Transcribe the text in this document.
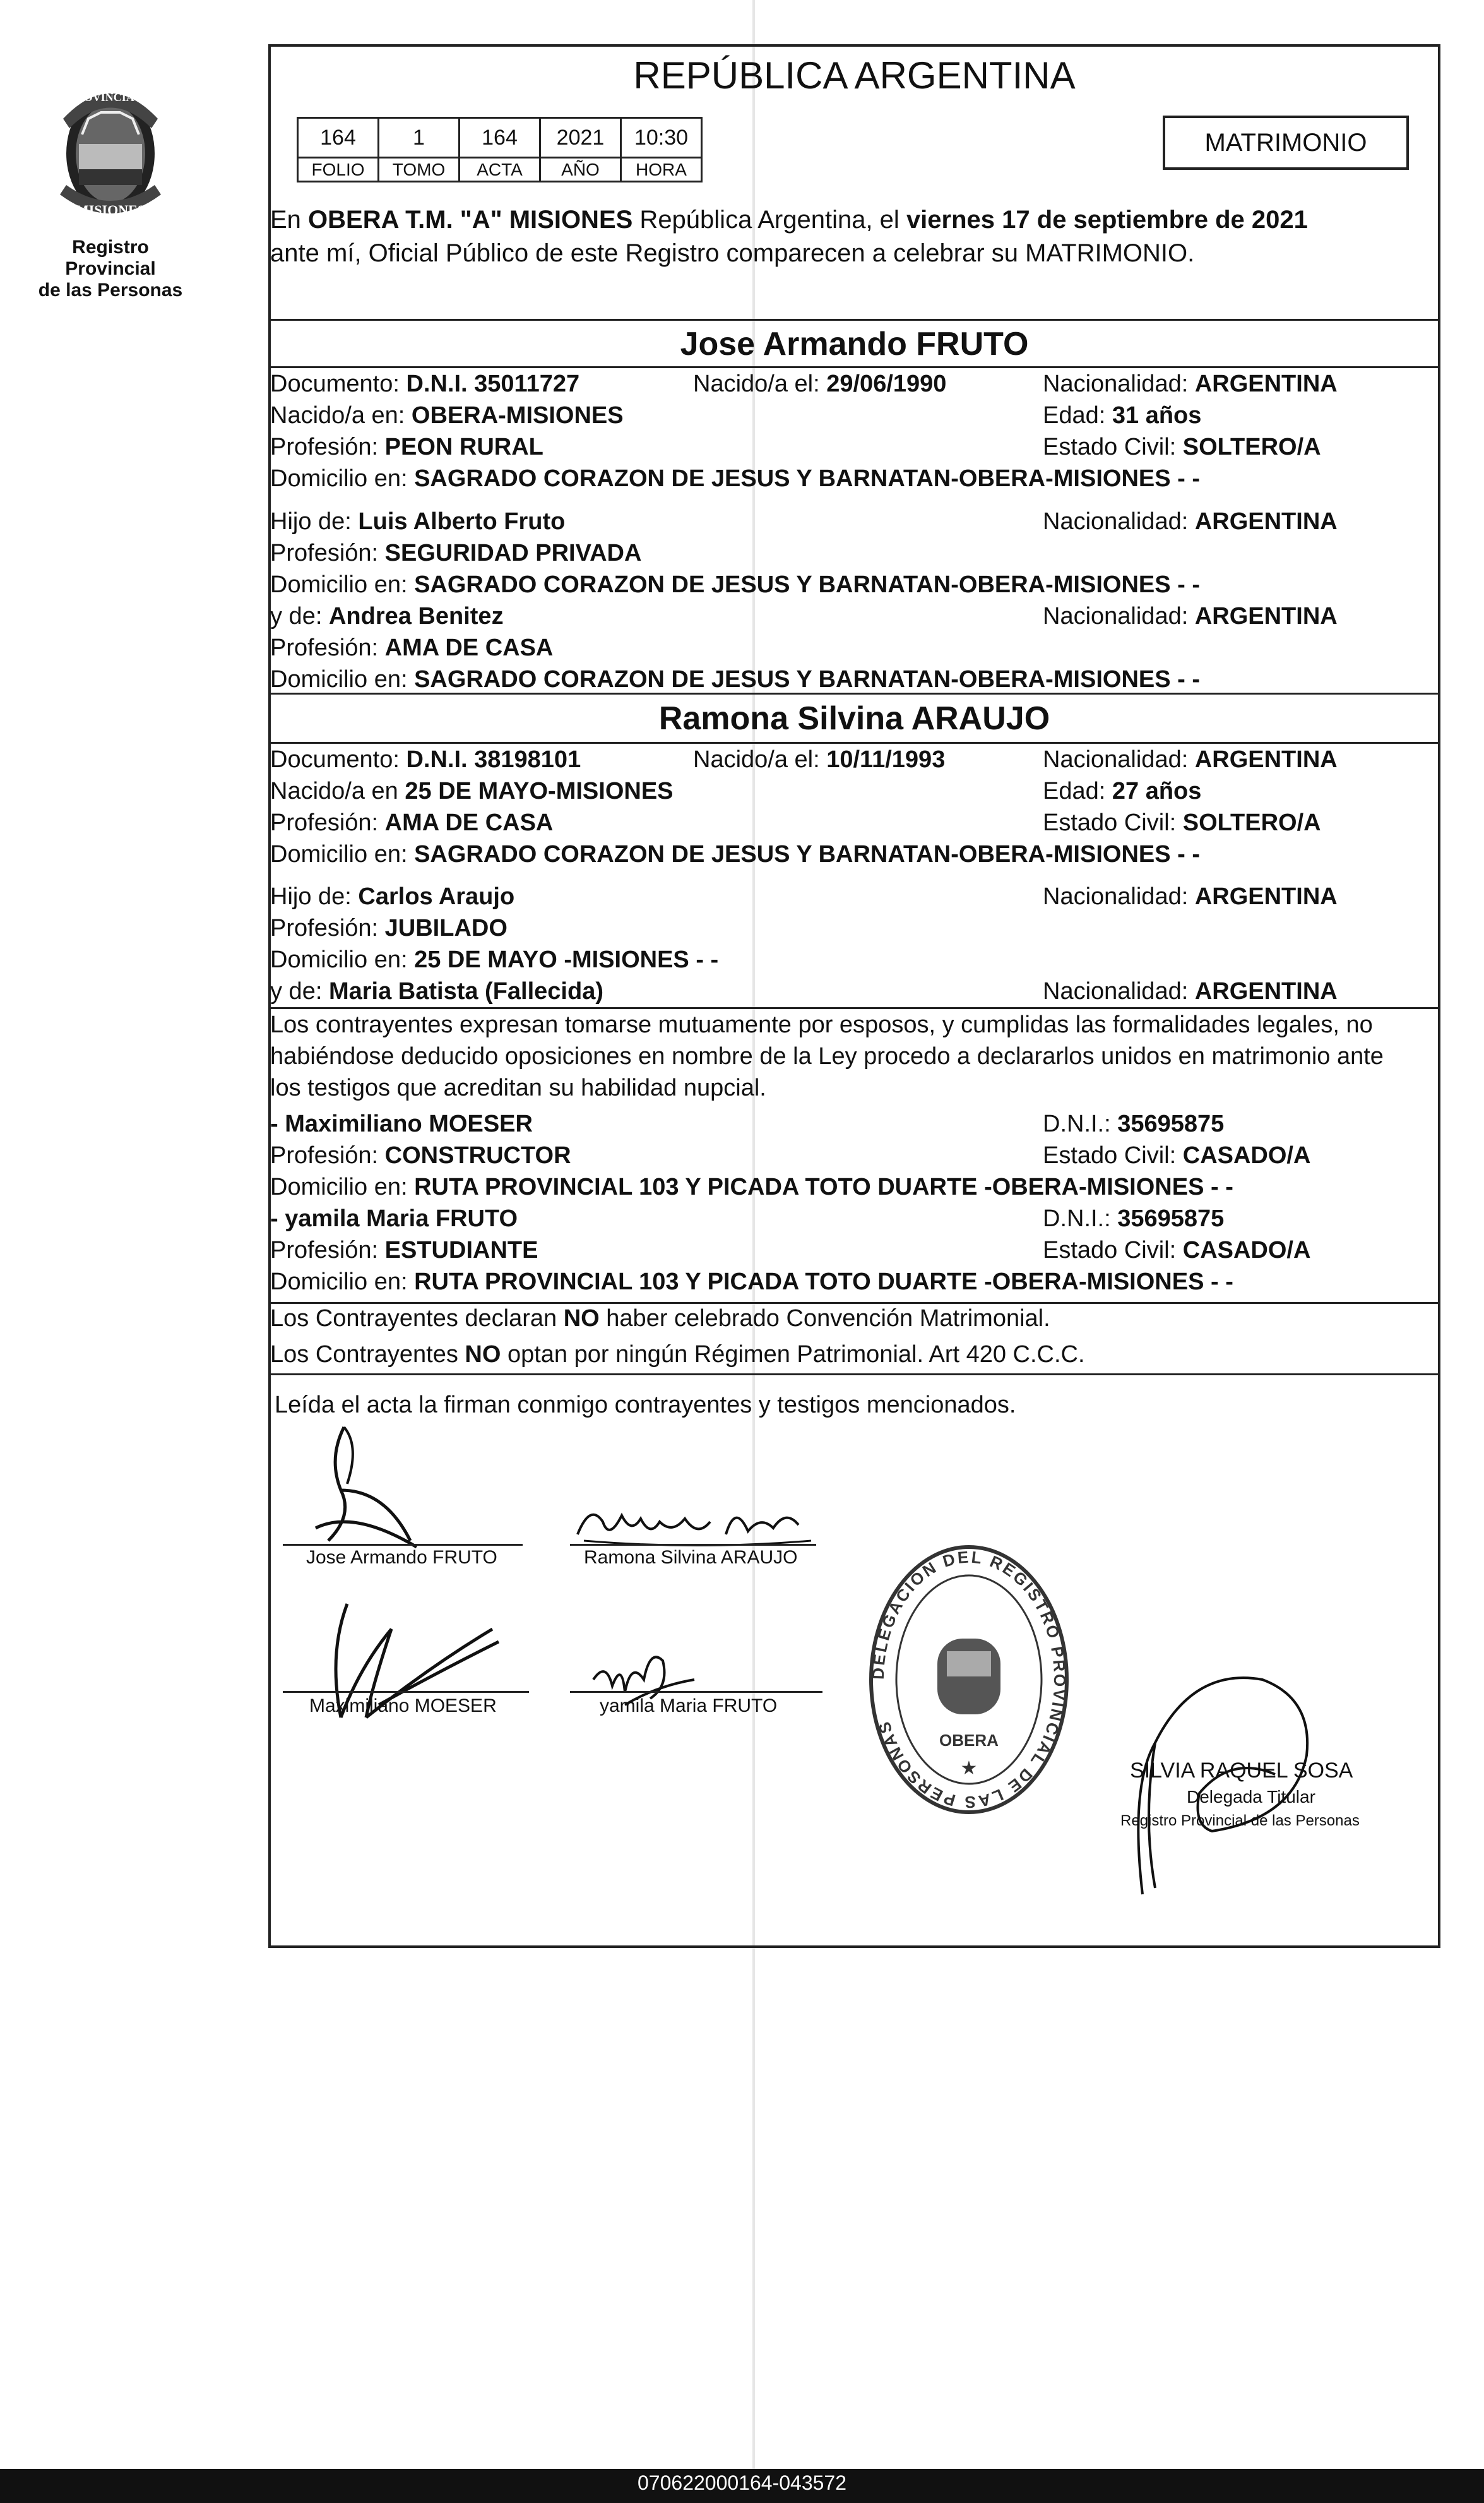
PROVINCIA DE
MISIONES
Registro Provincial
de las Personas
REPÚBLICA ARGENTINA
164	1	164	2021	10:30
FOLIO	TOMO	ACTA	AÑO	HORA
MATRIMONIO
En OBERA T.M. "A" MISIONES República Argentina, el viernes 17 de septiembre de 2021
ante mí, Oficial Público de este Registro comparecen a celebrar su MATRIMONIO.
Jose Armando FRUTO
Documento: D.N.I. 35011727	Nacido/a el: 29/06/1990	Nacionalidad: ARGENTINA
Nacido/a en: OBERA-MISIONES	Edad: 31 años
Profesión: PEON RURAL	Estado Civil: SOLTERO/A
Domicilio en: SAGRADO CORAZON DE JESUS Y BARNATAN-OBERA-MISIONES - -
Hijo de: Luis Alberto Fruto	Nacionalidad: ARGENTINA
Profesión: SEGURIDAD PRIVADA
Domicilio en: SAGRADO CORAZON DE JESUS Y BARNATAN-OBERA-MISIONES - -
y de: Andrea Benitez	Nacionalidad: ARGENTINA
Profesión: AMA DE CASA
Domicilio en: SAGRADO CORAZON DE JESUS Y BARNATAN-OBERA-MISIONES - -
Ramona Silvina ARAUJO
Documento: D.N.I. 38198101	Nacido/a el: 10/11/1993	Nacionalidad: ARGENTINA
Nacido/a en 25 DE MAYO-MISIONES	Edad: 27 años
Profesión: AMA DE CASA	Estado Civil: SOLTERO/A
Domicilio en: SAGRADO CORAZON DE JESUS Y BARNATAN-OBERA-MISIONES - -
Hijo de: Carlos Araujo	Nacionalidad: ARGENTINA
Profesión: JUBILADO
Domicilio en: 25 DE MAYO -MISIONES - -
y de: Maria Batista (Fallecida)	Nacionalidad: ARGENTINA
Los contrayentes expresan tomarse mutuamente por esposos, y cumplidas las formalidades legales, no
habiéndose deducido oposiciones en nombre de la Ley procedo a declararlos unidos en matrimonio ante
los testigos que acreditan su habilidad nupcial.
- Maximiliano MOESER	D.N.I.: 35695875
Profesión: CONSTRUCTOR	Estado Civil: CASADO/A
Domicilio en: RUTA PROVINCIAL 103 Y PICADA TOTO DUARTE -OBERA-MISIONES - -
- yamila Maria FRUTO	D.N.I.: 35695875
Profesión: ESTUDIANTE	Estado Civil: CASADO/A
Domicilio en: RUTA PROVINCIAL 103 Y PICADA TOTO DUARTE -OBERA-MISIONES - -
Los Contrayentes declaran NO haber celebrado Convención Matrimonial.
Los Contrayentes NO optan por ningún Régimen Patrimonial. Art 420 C.C.C.
Leída el acta la firman conmigo contrayentes y testigos mencionados.
Jose Armando FRUTO	Ramona Silvina ARAUJO
Maximiliano MOESER	yamila Maria FRUTO
DELEGACION DEL REGISTRO PROVINCIAL DE LAS PERSONAS
OBERA
★	SILVIA RAQUEL SOSA
Delegada Titular
Registro Provincial de las Personas
070622000164-043572
